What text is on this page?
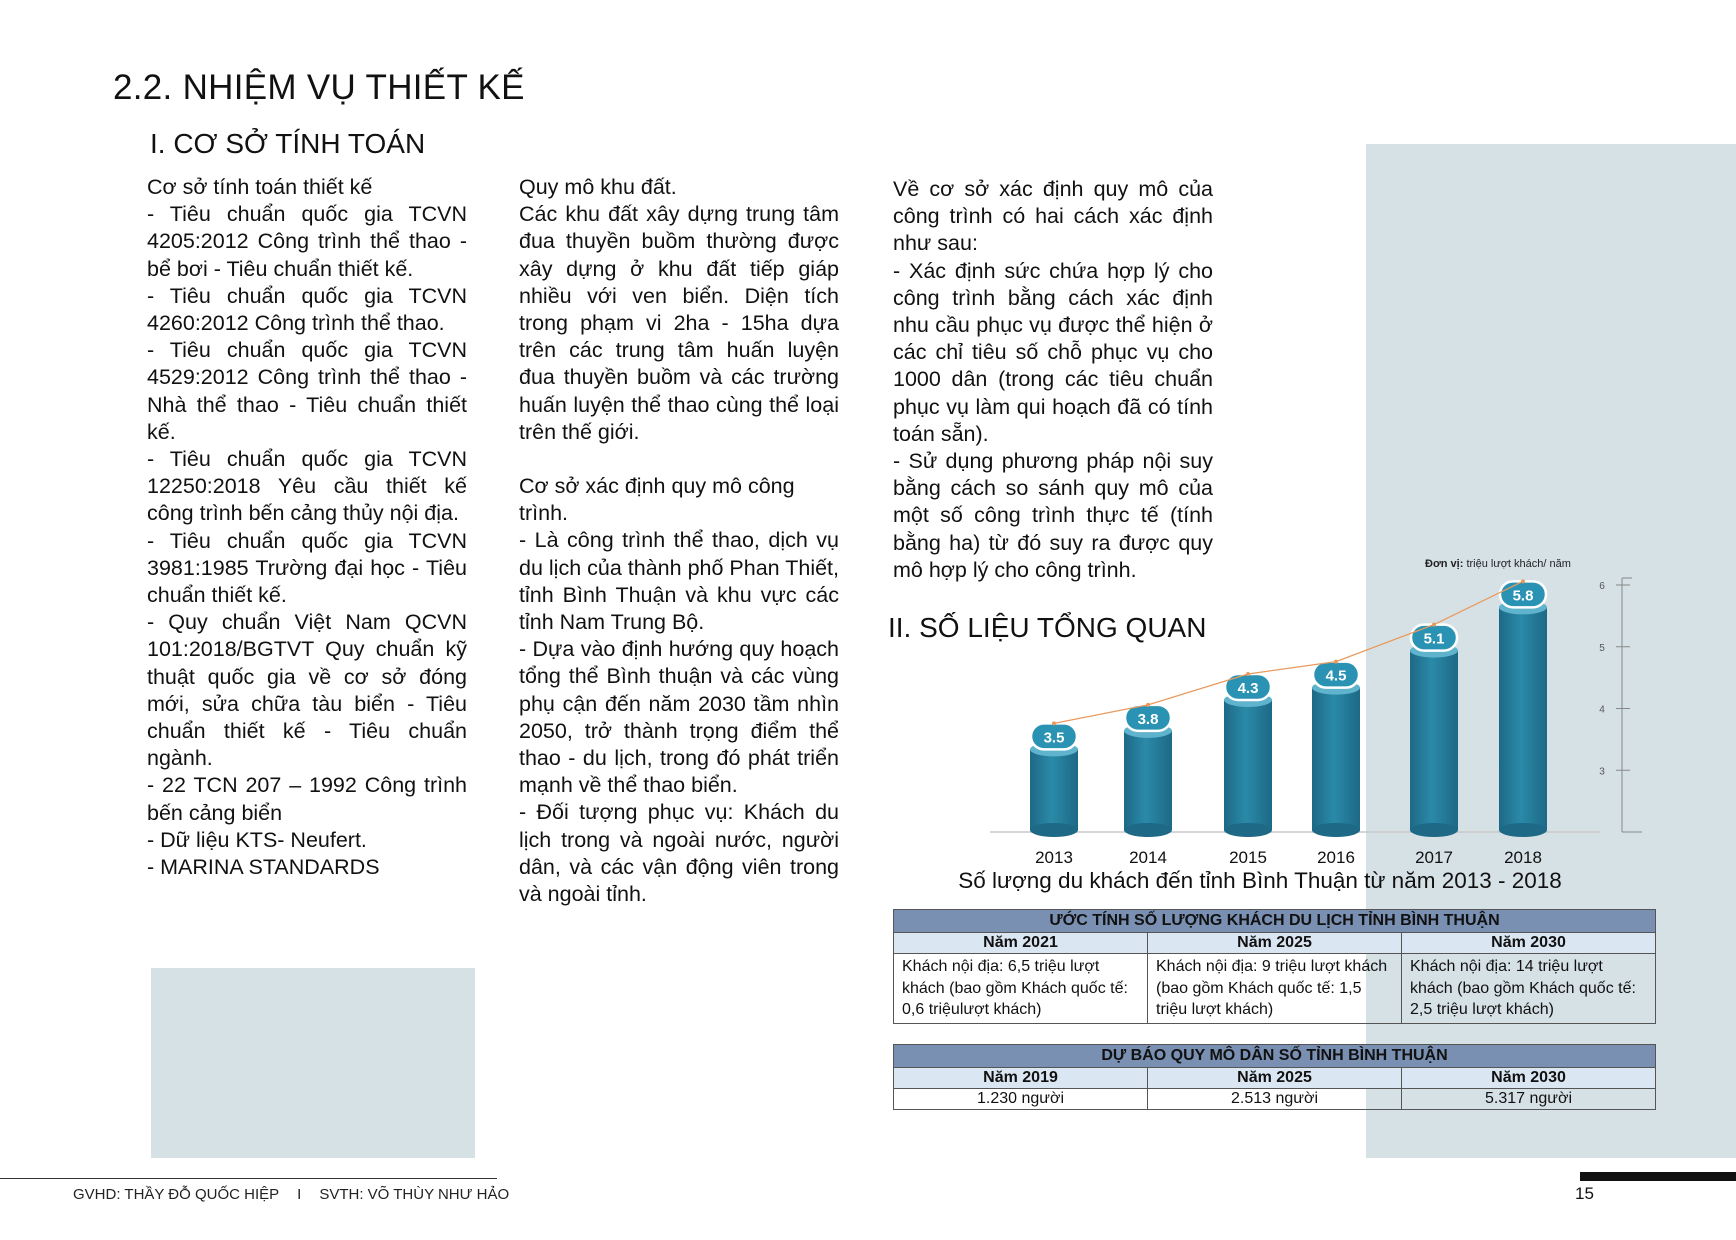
2.2. NHIỆM VỤ THIẾT KẾ
I. CƠ SỞ TÍNH TOÁN
Cơ sở tính toán thiết kế
- Tiêu chuẩn quốc gia TCVN 4205:2012 Công trình thể thao - bể bơi - Tiêu chuẩn thiết kế.
- Tiêu chuẩn quốc gia TCVN 4260:2012 Công trình thể thao.
- Tiêu chuẩn quốc gia TCVN 4529:2012 Công trình thể thao - Nhà thể thao - Tiêu chuẩn thiết kế.
- Tiêu chuẩn quốc gia TCVN 12250:2018 Yêu cầu thiết kế công trình bến cảng thủy nội địa.
- Tiêu chuẩn quốc gia TCVN 3981:1985 Trường đại học - Tiêu chuẩn thiết kế.
- Quy chuẩn Việt Nam QCVN 101:2018/BGTVT Quy chuẩn kỹ thuật quốc gia về cơ sở đóng mới, sửa chữa tàu biển - Tiêu chuẩn thiết kế - Tiêu chuẩn ngành.
- 22 TCN 207 – 1992 Công trình bến cảng biển
- Dữ liệu KTS- Neufert.
- MARINA STANDARDS
Quy mô khu đất.
Các khu đất xây dựng trung tâm đua thuyền buồm thường được xây dựng ở khu đất tiếp giáp nhiều với ven biển. Diện tích trong phạm vi 2ha - 15ha dựa trên các trung tâm huấn luyện đua thuyền buồm và các trường huấn luyện thể thao cùng thể loại trên thế giới.
Cơ sở xác định quy mô công trình.
- Là công trình thể thao, dịch vụ du lịch của thành phố Phan Thiết, tỉnh Bình Thuận và khu vực các tỉnh Nam Trung Bộ.
- Dựa vào định hướng quy hoạch tổng thể Bình thuận và các vùng phụ cận đến năm 2030 tầm nhìn 2050, trở thành trọng điểm thể thao - du lịch, trong đó phát triển mạnh về thể thao biển.
- Đối tượng phục vụ: Khách du lịch trong và ngoài nước, người dân, và các vận động viên trong và ngoài tỉnh.
Về cơ sở xác định quy mô của công trình có hai cách xác định như sau:
- Xác định sức chứa hợp lý cho công trình bằng cách xác định nhu cầu phục vụ được thể hiện ở các chỉ tiêu số chỗ phục vụ cho 1000 dân (trong các tiêu chuẩn phục vụ làm qui hoạch đã có tính toán sẵn).
- Sử dụng phương pháp nội suy bằng cách so sánh quy mô của một số công trình thực tế (tính bằng ha) từ đó suy ra được quy mô hợp lý cho công trình.
II. SỐ LIỆU TỔNG QUAN
Đơn vị: triệu lượt khách/ năm
3
4
5
6
3.5
2013
3.8
2014
4.3
2015
4.5
2016
5.1
2017
5.8
2018
Số lượng du khách đến tỉnh Bình Thuận từ năm 2013 - 2018
ƯỚC TÍNH SỐ LƯỢNG KHÁCH DU LỊCH TỈNH BÌNH THUẬN		
Năm 2021	Năm 2025	Năm 2030
Khách nội địa: 6,5 triệu lượt khách (bao gồm Khách quốc tế: 0,6 triệulượt khách)	Khách nội địa: 9 triệu lượt khách (bao gồm Khách quốc tế: 1,5 triệu lượt khách)	Khách nội địa: 14 triệu lượt khách (bao gồm Khách quốc tế: 2,5 triệu lượt khách)
DỰ BÁO QUY MÔ DÂN SỐ TỈNH BÌNH THUẬN		
Năm 2019	Năm 2025	Năm 2030
1.230 người	2.513 người	5.317 người
GVHD: THẦY ĐỖ QUỐC HIỆP I SVTH: VÕ THÙY NHƯ HẢO	15
